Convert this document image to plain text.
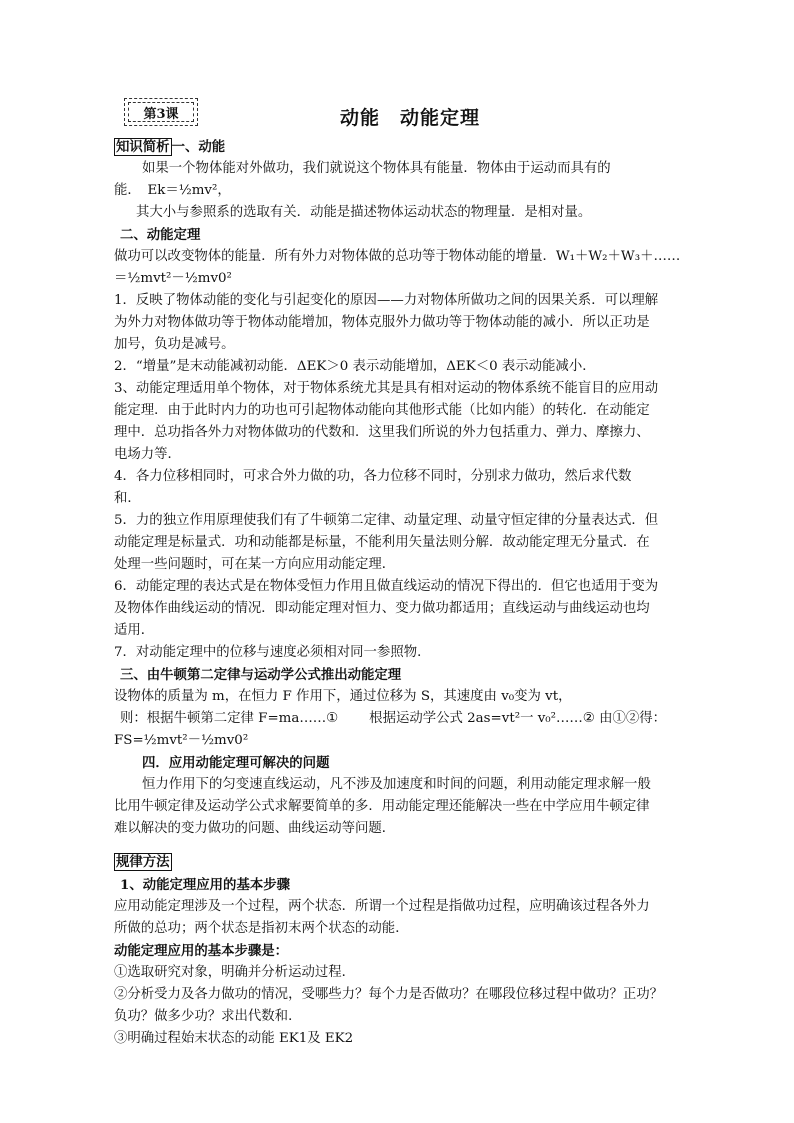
第3课	动能　动能定理
知识简析 一、动能
如果一个物体能对外做功，我们就说这个物体具有能量．物体由于运动而具有的
能．　Ek＝½mv²，
其大小与参照系的选取有关．动能是描述物体运动状态的物理量．是相对量。
二、动能定理
做功可以改变物体的能量．所有外力对物体做的总功等于物体动能的增量．W₁＋W₂＋W₃＋……
＝½mvt²－½mv0²
1．反映了物体动能的变化与引起变化的原因——力对物体所做功之间的因果关系．可以理解
为外力对物体做功等于物体动能增加，物体克服外力做功等于物体动能的减小．所以正功是
加号，负功是减号。
2．“增量”是末动能减初动能．ΔEK＞0 表示动能增加，ΔEK＜0 表示动能减小．
3、动能定理适用单个物体，对于物体系统尤其是具有相对运动的物体系统不能盲目的应用动
能定理．由于此时内力的功也可引起物体动能向其他形式能（比如内能）的转化．在动能定
理中．总功指各外力对物体做功的代数和．这里我们所说的外力包括重力、弹力、摩擦力、
电场力等．
4．各力位移相同时，可求合外力做的功，各力位移不同时，分别求力做功，然后求代数
和．
5．力的独立作用原理使我们有了牛顿第二定律、动量定理、动量守恒定律的分量表达式．但
动能定理是标量式．功和动能都是标量，不能利用矢量法则分解．故动能定理无分量式．在
处理一些问题时，可在某一方向应用动能定理．
6．动能定理的表达式是在物体受恒力作用且做直线运动的情况下得出的．但它也适用于变为
及物体作曲线运动的情况．即动能定理对恒力、变力做功都适用；直线运动与曲线运动也均
适用．
7．对动能定理中的位移与速度必须相对同一参照物．
三、由牛顿第二定律与运动学公式推出动能定理
设物体的质量为 m，在恒力 F 作用下，通过位移为 S，其速度由 v₀变为 vt，
则：根据牛顿第二定律 F=ma……①　　 根据运动学公式 2as=vt²一 v₀²……② 由①②得：
FS=½mvt²－½mv0²
四．应用动能定理可解决的问题
恒力作用下的匀变速直线运动，凡不涉及加速度和时间的问题，利用动能定理求解一般
比用牛顿定律及运动学公式求解要简单的多．用动能定理还能解决一些在中学应用牛顿定律
难以解决的变力做功的问题、曲线运动等问题．
规律方法
1、动能定理应用的基本步骤
应用动能定理涉及一个过程，两个状态．所谓一个过程是指做功过程，应明确该过程各外力
所做的总功；两个状态是指初末两个状态的动能．
动能定理应用的基本步骤是：
①选取研究对象，明确并分析运动过程．
②分析受力及各力做功的情况，受哪些力？每个力是否做功？在哪段位移过程中做功？正功？
负功？做多少功？求出代数和．
③明确过程始末状态的动能 EK1及 EK2
